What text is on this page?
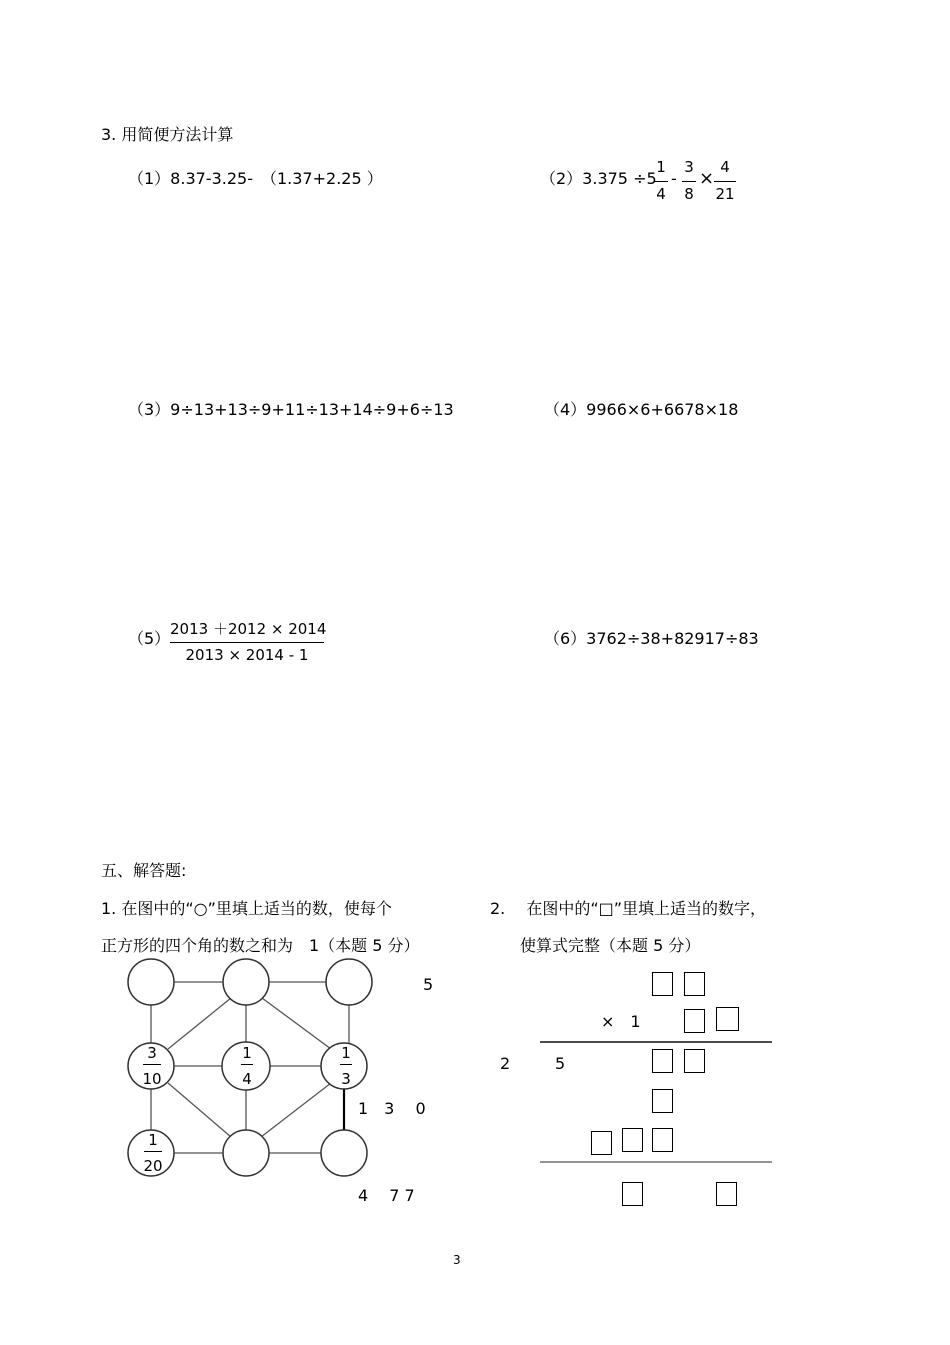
3. 用简便方法计算
（1）8.37-3.25-　（1.37+2.25 ）	（2）3.375 ÷5
1
4
-
3
8
×
4
21
（3）9÷13+13÷9+11÷13+14÷9+6÷13	（4）9966×6+6678×18
（5） 2013 ＋2012 × 2014
2013 × 2014 - 1
（6）3762÷38+82917÷83
五、解答题:
1. 在图中的“○”里填上适当的数，使每个
正方形的四个角的数之和为　1（本题 5 分）
2.　 在图中的“□”里填上适当的数字，
使算式完整（本题 5 分）
3
10
1
4
1
3
1
20
5
1　3　 0
4　 7 7
×　1
2	5
3
